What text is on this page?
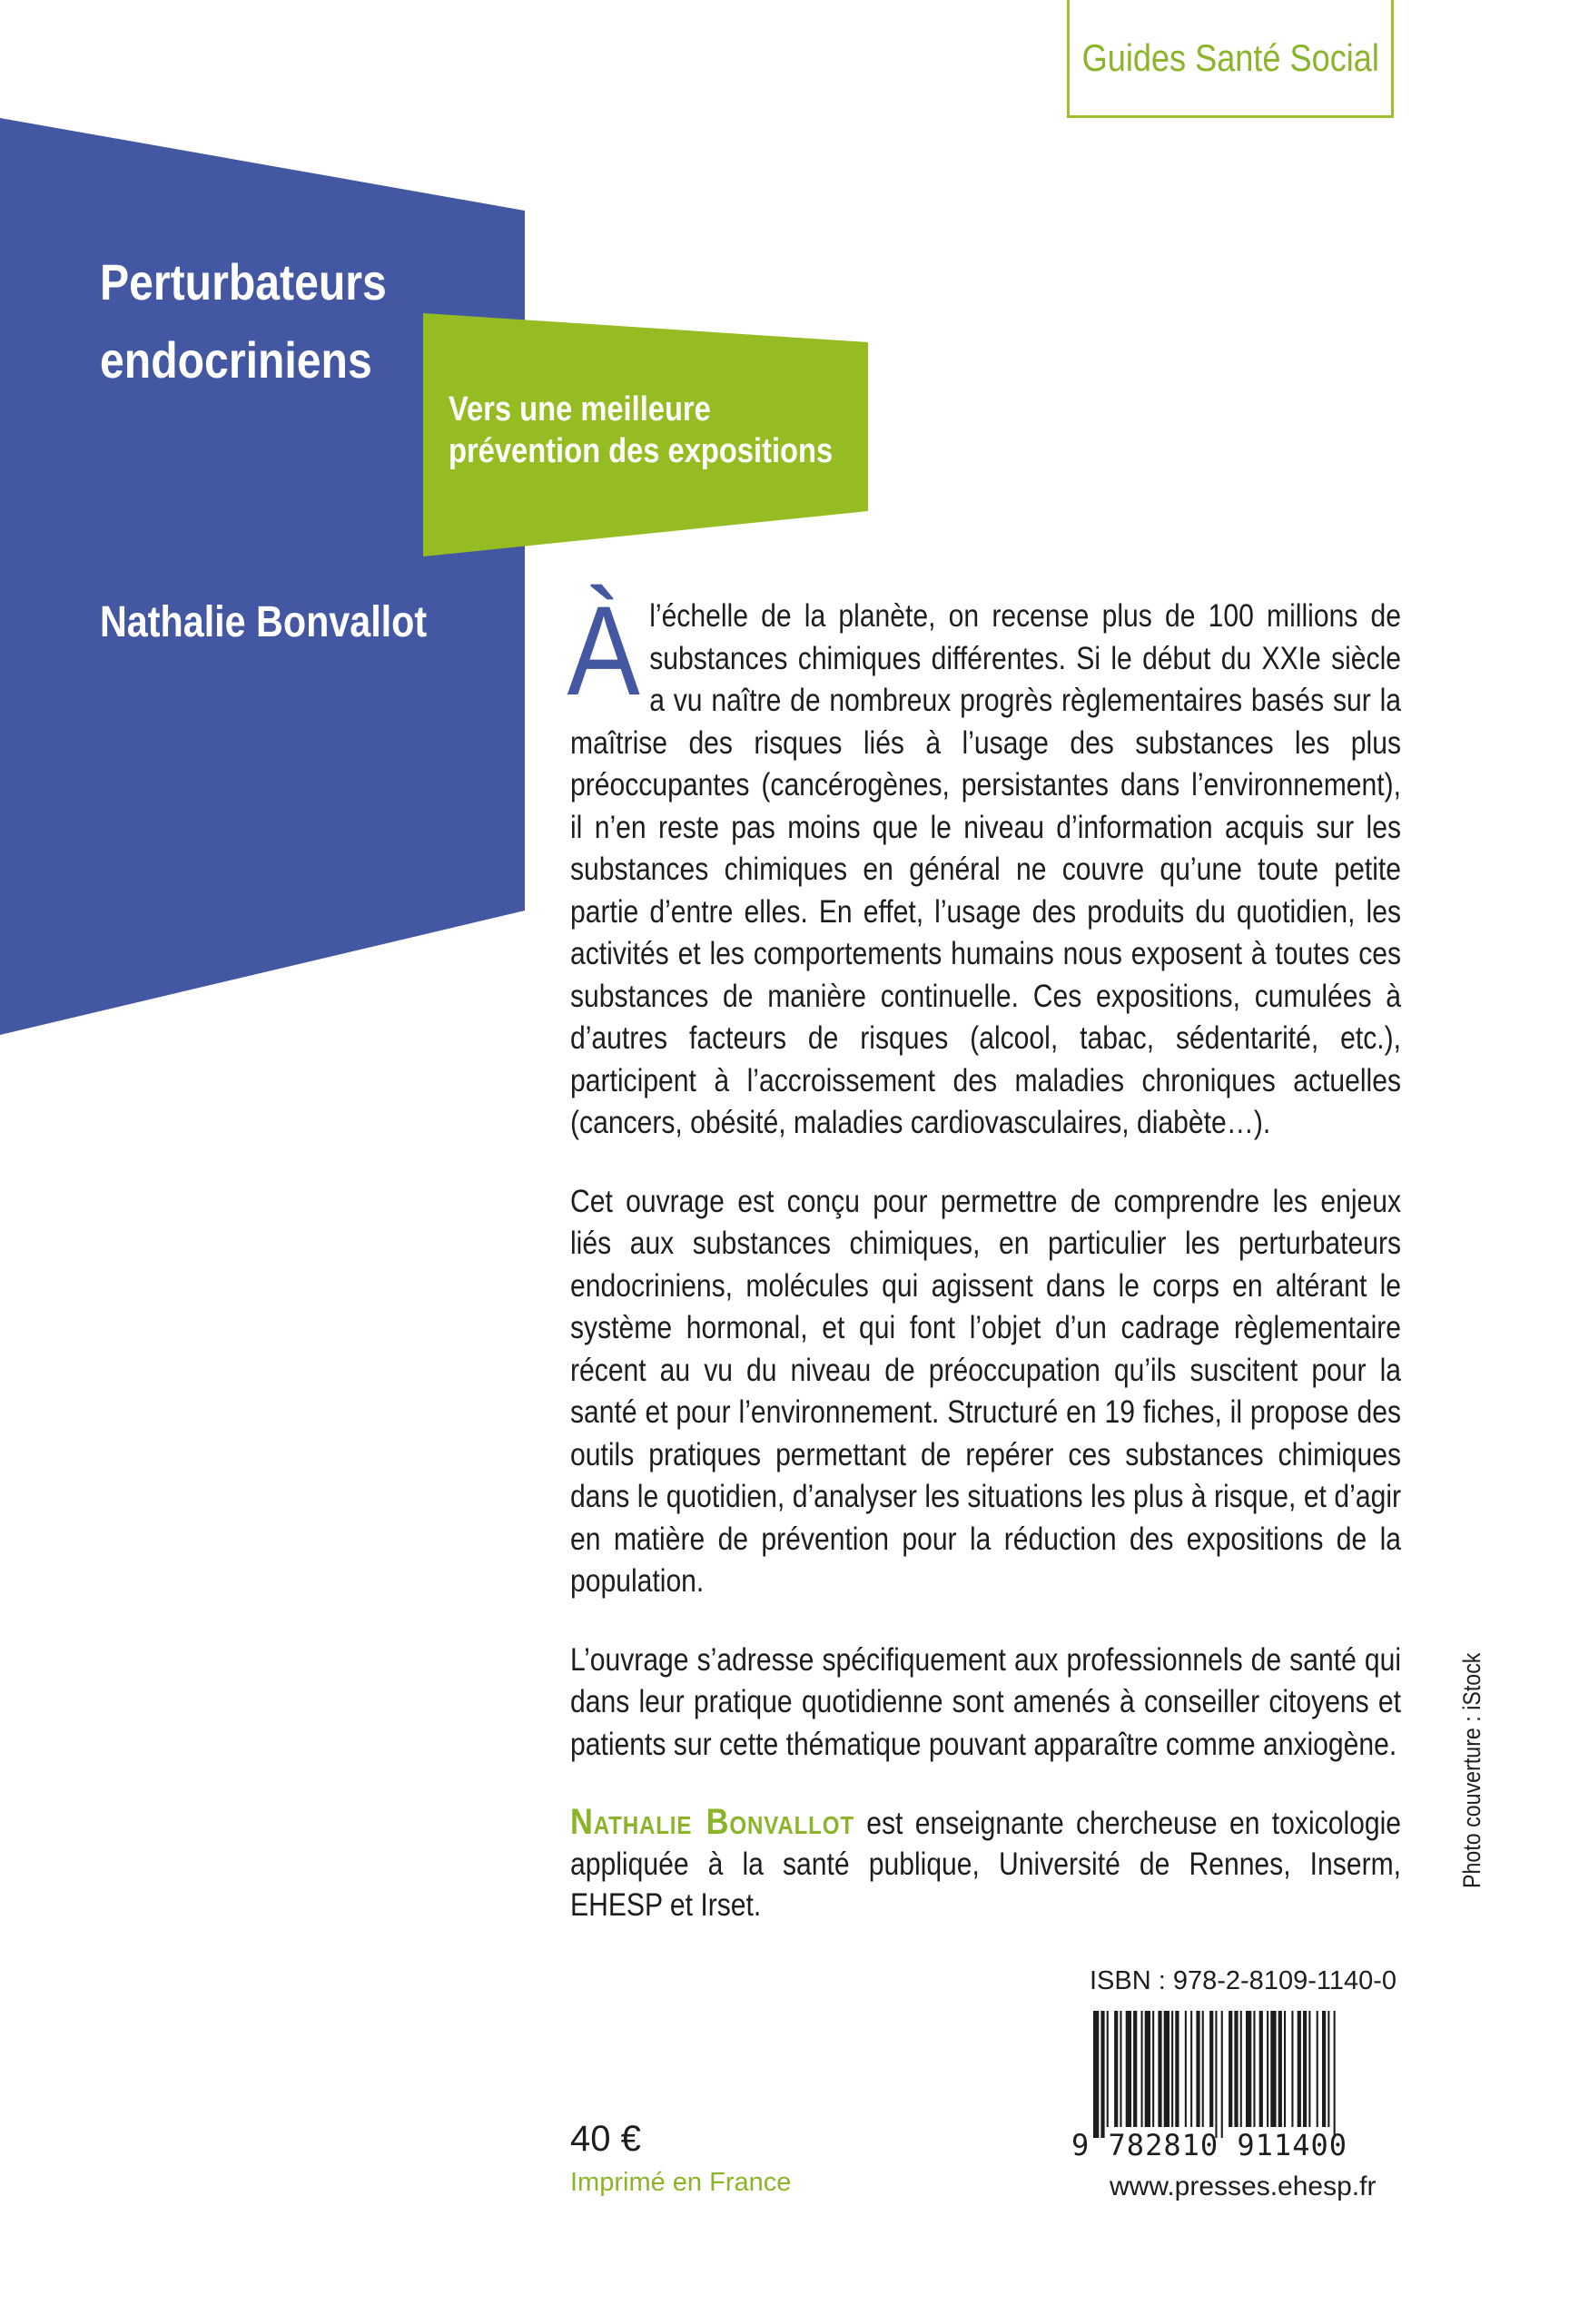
Guides Santé Social
Perturbateurs
endocriniens
Vers une meilleure
prévention des expositions
Nathalie Bonvallot À l’échelle de la planète, on recense plus de 100 millions de substances chimiques différentes. Si le début du XXIe siècle a vu naître de nombreux progrès règlementaires basés sur la maîtrise des risques liés à l’usage des substances les plus préoccupantes (cancérogènes, persistantes dans l’environnement), il n’en reste pas moins que le niveau d’information acquis sur les substances chimiques en général ne couvre qu’une toute petite partie d’entre elles. En effet, l’usage des produits du quotidien, les activités et les comportements humains nous exposent à toutes ces substances de manière continuelle. Ces expositions, cumulées à d’autres facteurs de risques (alcool, tabac, sédentarité, etc.), participent à l’accroissement des maladies chroniques actuelles (cancers, obésité, maladies cardiovasculaires, diabète…).

Cet ouvrage est conçu pour permettre de comprendre les enjeux liés aux substances chimiques, en particulier les perturbateurs endocriniens, molécules qui agissent dans le corps en altérant le système hormonal, et qui font l’objet d’un cadrage règlementaire récent au vu du niveau de préoccupation qu’ils suscitent pour la santé et pour l’environnement. Structuré en 19 fiches, il propose des outils pratiques permettant de repérer ces substances chimiques dans le quotidien, d’analyser les situations les plus à risque, et d’agir en matière de prévention pour la réduction des expositions de la population.

L’ouvrage s’adresse spécifiquement aux professionnels de santé qui dans leur pratique quotidienne sont amenés à conseiller citoyens et patients sur cette thématique pouvant apparaître comme anxiogène.

Nathalie Bonvallot est enseignante chercheuse en toxicologie appliquée à la santé publique, Université de Rennes, Inserm, EHESP et Irset.

Photo couverture : iStock
ISBN : 978-2-8109-1140-0
9 782810 911400
www.presses.ehesp.fr
40 €
Imprimé en France
